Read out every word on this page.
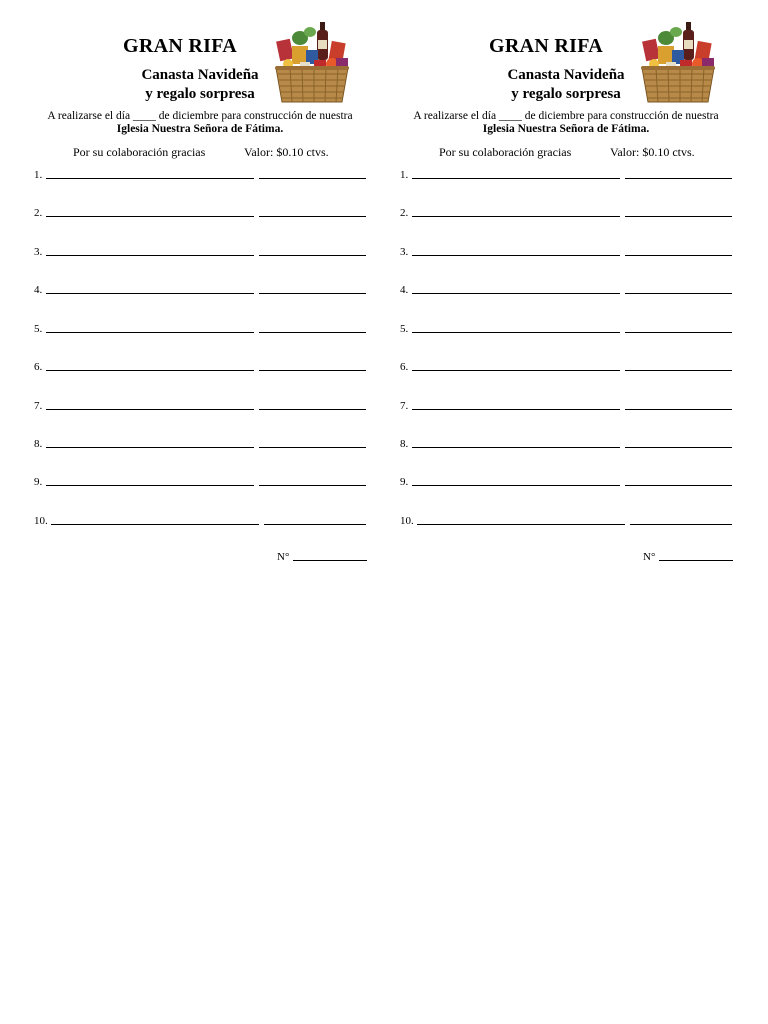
GRAN RIFA
Canasta Navideña
y regalo sorpresa
A realizarse el día ____ de diciembre para construcción de nuestra
Iglesia Nuestra Señora de Fátima.
Por su colaboración gracias	Valor: $0.10 ctvs.
1.
2.
3.
4.
5.
6.
7.
8.
9.
10.
N°
GRAN RIFA
Canasta Navideña
y regalo sorpresa
A realizarse el día ____ de diciembre para construcción de nuestra
Iglesia Nuestra Señora de Fátima.
Por su colaboración gracias	Valor: $0.10 ctvs.
1.
2.
3.
4.
5.
6.
7.
8.
9.
10.
N°
